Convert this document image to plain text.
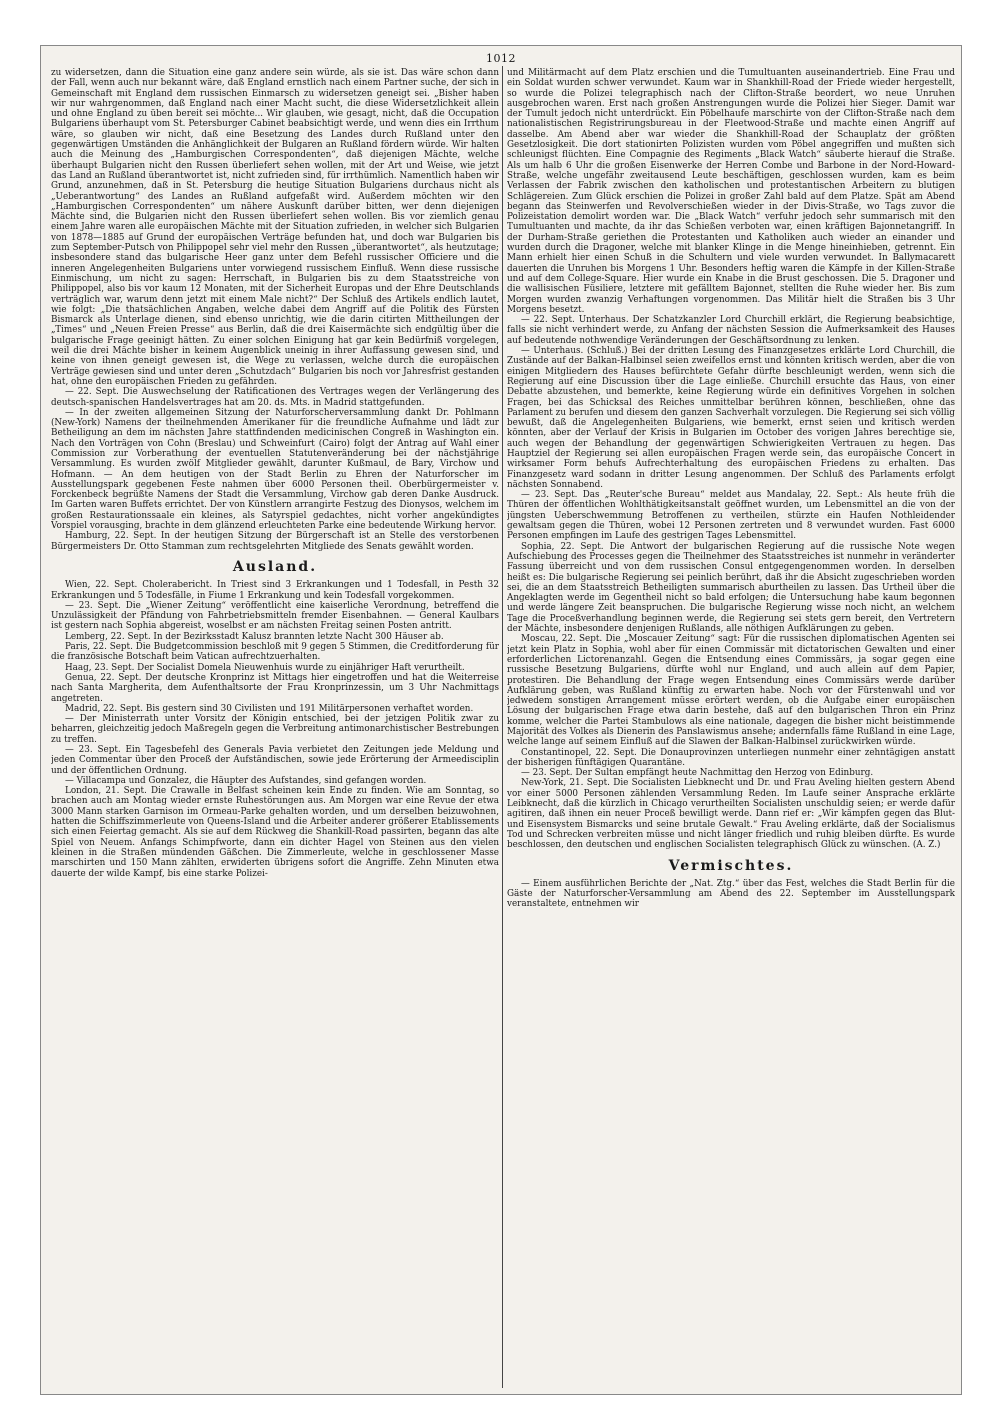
1012

zu widersetzen, dann die Situation eine ganz andere sein würde, als sie ist. Das wäre schon dann der Fall, wenn auch nur bekannt wäre, daß England ernstlich nach einem Partner suche, der sich in Gemeinschaft mit England dem russischen Einmarsch zu widersetzen geneigt sei. „Bisher haben wir nur wahrgenommen, daß England nach einer Macht sucht, die diese Widersetzlichkeit allein und ohne England zu üben bereit sei möchte... Wir glauben, wie gesagt, nicht, daß die Occupation Bulgariens überhaupt vom St. Petersburger Cabinet beabsichtigt werde, und wenn dies ein Irrthum wäre, so glauben wir nicht, daß eine Besetzung des Landes durch Rußland unter den gegenwärtigen Umständen die Anhänglichkeit der Bulgaren an Rußland fördern würde. Wir halten auch die Meinung des „Hamburgischen Correspondenten“, daß diejenigen Mächte, welche überhaupt Bulgarien nicht den Russen überliefert sehen wollen, mit der Art und Weise, wie jetzt das Land an Rußland überantwortet ist, nicht zufrieden sind, für irrthümlich. Namentlich haben wir Grund, anzunehmen, daß in St. Petersburg die heutige Situation Bulgariens durchaus nicht als „Ueberantwortung“ des Landes an Rußland aufgefaßt wird. Außerdem möchten wir den „Hamburgischen Correspondenten“ um nähere Auskunft darüber bitten, wer denn diejenigen Mächte sind, die Bulgarien nicht den Russen überliefert sehen wollen. Bis vor ziemlich genau einem Jahre waren alle europäischen Mächte mit der Situation zufrieden, in welcher sich Bulgarien von 1878—1885 auf Grund der europäischen Verträge befunden hat, und doch war Bulgarien bis zum September-Putsch von Philippopel sehr viel mehr den Russen „überantwortet“, als heutzutage; insbesondere stand das bulgarische Heer ganz unter dem Befehl russischer Officiere und die inneren Angelegenheiten Bulgariens unter vorwiegend russischem Einfluß. Wenn diese russische Einmischung, um nicht zu sagen: Herrschaft, in Bulgarien bis zu dem Staatsstreiche von Philippopel, also bis vor kaum 12 Monaten, mit der Sicherheit Europas und der Ehre Deutschlands verträglich war, warum denn jetzt mit einem Male nicht?“ Der Schluß des Artikels endlich lautet, wie folgt: „Die thatsächlichen Angaben, welche dabei dem Angriff auf die Politik des Fürsten Bismarck als Unterlage dienen, sind ebenso unrichtig, wie die darin citirten Mittheilungen der „Times“ und „Neuen Freien Presse“ aus Berlin, daß die drei Kaisermächte sich endgültig über die bulgarische Frage geeinigt hätten. Zu einer solchen Einigung hat gar kein Bedürfniß vorgelegen, weil die drei Mächte bisher in keinem Augenblick uneinig in ihrer Auffassung gewesen sind, und keine von ihnen geneigt gewesen ist, die Wege zu verlassen, welche durch die europäischen Verträge gewiesen sind und unter deren „Schutzdach“ Bulgarien bis noch vor Jahresfrist gestanden hat, ohne den europäischen Frieden zu gefährden.

— 22. Sept. Die Auswechselung der Ratificationen des Vertrages wegen der Verlängerung des deutsch-spanischen Handelsvertrages hat am 20. ds. Mts. in Madrid stattgefunden.

— In der zweiten allgemeinen Sitzung der Naturforscherversammlung dankt Dr. Pohlmann (New-York) Namens der theilnehmenden Amerikaner für die freundliche Aufnahme und lädt zur Betheiligung an dem im nächsten Jahre stattfindenden medicinischen Congreß in Washington ein. Nach den Vorträgen von Cohn (Breslau) und Schweinfurt (Cairo) folgt der Antrag auf Wahl einer Commission zur Vorberathung der eventuellen Statutenveränderung bei der nächstjährige Versammlung. Es wurden zwölf Mitglieder gewählt, darunter Kußmaul, de Bary, Virchow und Hofmann. — An dem heutigen von der Stadt Berlin zu Ehren der Naturforscher im Ausstellungspark gegebenen Feste nahmen über 6000 Personen theil. Oberbürgermeister v. Forckenbeck begrüßte Namens der Stadt die Versammlung, Virchow gab deren Danke Ausdruck. Im Garten waren Buffets errichtet. Der von Künstlern arrangirte Festzug des Dionysos, welchem im großen Restaurationssaale ein kleines, als Satyrspiel gedachtes, nicht vorher angekündigtes Vorspiel vorausging, brachte in dem glänzend erleuchteten Parke eine bedeutende Wirkung hervor.

Hamburg, 22. Sept. In der heutigen Sitzung der Bürgerschaft ist an Stelle des verstorbenen Bürgermeisters Dr. Otto Stamman zum rechtsgelehrten Mitgliede des Senats gewählt worden.

Ausland.

Wien, 22. Sept. Cholerabericht. In Triest sind 3 Erkrankungen und 1 Todesfall, in Pesth 32 Erkrankungen und 5 Todesfälle, in Fiume 1 Erkrankung und kein Todesfall vorgekommen.

— 23. Sept. Die „Wiener Zeitung“ veröffentlicht eine kaiserliche Verordnung, betreffend die Unzulässigkeit der Pfändung von Fahrbetriebsmitteln fremder Eisenbahnen. — General Kaulbars ist gestern nach Sophia abgereist, woselbst er am nächsten Freitag seinen Posten antritt.

Lemberg, 22. Sept. In der Bezirksstadt Kalusz brannten letzte Nacht 300 Häuser ab.

Paris, 22. Sept. Die Budgetcommission beschloß mit 9 gegen 5 Stimmen, die Creditforderung für die französische Botschaft beim Vatican aufrechtzuerhalten.

Haag, 23. Sept. Der Socialist Domela Nieuwenhuis wurde zu einjähriger Haft verurtheilt.

Genua, 22. Sept. Der deutsche Kronprinz ist Mittags hier eingetroffen und hat die Weiterreise nach Santa Margherita, dem Aufenthaltsorte der Frau Kronprinzessin, um 3 Uhr Nachmittags angetreten.

Madrid, 22. Sept. Bis gestern sind 30 Civilisten und 191 Militärpersonen verhaftet worden.

— Der Ministerrath unter Vorsitz der Königin entschied, bei der jetzigen Politik zwar zu beharren, gleichzeitig jedoch Maßregeln gegen die Verbreitung antimonarchistischer Bestrebungen zu treffen.

— 23. Sept. Ein Tagesbefehl des Generals Pavia verbietet den Zeitungen jede Meldung und jeden Commentar über den Proceß der Aufständischen, sowie jede Erörterung der Armeedisciplin und der öffentlichen Ordnung.

— Villacampa und Gonzalez, die Häupter des Aufstandes, sind gefangen worden.

London, 21. Sept. Die Crawalle in Belfast scheinen kein Ende zu finden. Wie am Sonntag, so brachen auch am Montag wieder ernste Ruhestörungen aus. Am Morgen war eine Revue der etwa 3000 Mann starken Garnison im Ormeau-Parke gehalten worden, und um derselben beizuwohnen, hatten die Schiffszimmerleute von Queens-Island und die Arbeiter anderer größerer Etablissements sich einen Feiertag gemacht. Als sie auf dem Rückweg die Shankill-Road passirten, begann das alte Spiel von Neuem. Anfangs Schimpfworte, dann ein dichter Hagel von Steinen aus den vielen kleinen in die Straßen mündenden Gäßchen. Die Zimmerleute, welche in geschlossener Masse marschirten und 150 Mann zählten, erwiderten übrigens sofort die Angriffe. Zehn Minuten etwa dauerte der wilde Kampf, bis eine starke Polizei-

und Militärmacht auf dem Platz erschien und die Tumultuanten auseinandertrieb. Eine Frau und ein Soldat wurden schwer verwundet. Kaum war in Shankhill-Road der Friede wieder hergestellt, so wurde die Polizei telegraphisch nach der Clifton-Straße beordert, wo neue Unruhen ausgebrochen waren. Erst nach großen Anstrengungen wurde die Polizei hier Sieger. Damit war der Tumult jedoch nicht unterdrückt. Ein Pöbelhaufe marschirte von der Clifton-Straße nach dem nationalistischen Registrirungsbureau in der Fleetwood-Straße und machte einen Angriff auf dasselbe. Am Abend aber war wieder die Shankhill-Road der Schauplatz der größten Gesetzlosigkeit. Die dort stationirten Polizisten wurden vom Pöbel angegriffen und mußten sich schleunigst flüchten. Eine Compagnie des Regiments „Black Watch“ säuberte hierauf die Straße. Als um halb 6 Uhr die großen Eisenwerke der Herren Combe und Barbone in der Nord-Howard-Straße, welche ungefähr zweitausend Leute beschäftigen, geschlossen wurden, kam es beim Verlassen der Fabrik zwischen den katholischen und protestantischen Arbeitern zu blutigen Schlägereien. Zum Glück erschien die Polizei in großer Zahl bald auf dem Platze. Spät am Abend begann das Steinwerfen und Revolverschießen wieder in der Divis-Straße, wo Tags zuvor die Polizeistation demolirt worden war. Die „Black Watch“ verfuhr jedoch sehr summarisch mit den Tumultuanten und machte, da ihr das Schießen verboten war, einen kräftigen Bajonnetangriff. In der Durham-Straße geriethen die Protestanten und Katholiken auch wieder an einander und wurden durch die Dragoner, welche mit blanker Klinge in die Menge hineinhieben, getrennt. Ein Mann erhielt hier einen Schuß in die Schultern und viele wurden verwundet. In Ballymacarett dauerten die Unruhen bis Morgens 1 Uhr. Besonders heftig waren die Kämpfe in der Killen-Straße und auf dem College-Square. Hier wurde ein Knabe in die Brust geschossen. Die 5. Dragoner und die wallisischen Füsiliere, letztere mit gefälltem Bajonnet, stellten die Ruhe wieder her. Bis zum Morgen wurden zwanzig Verhaftungen vorgenommen. Das Militär hielt die Straßen bis 3 Uhr Morgens besetzt.

— 22. Sept. Unterhaus. Der Schatzkanzler Lord Churchill erklärt, die Regierung beabsichtige, falls sie nicht verhindert werde, zu Anfang der nächsten Session die Aufmerksamkeit des Hauses auf bedeutende nothwendige Veränderungen der Geschäftsordnung zu lenken.

— Unterhaus. (Schluß.) Bei der dritten Lesung des Finanzgesetzes erklärte Lord Churchill, die Zustände auf der Balkan-Halbinsel seien zweifellos ernst und könnten kritisch werden, aber die von einigen Mitgliedern des Hauses befürchtete Gefahr dürfte beschleunigt werden, wenn sich die Regierung auf eine Discussion über die Lage einließe. Churchill ersuchte das Haus, von einer Debatte abzustehen, und bemerkte, keine Regierung würde ein definitives Vorgehen in solchen Fragen, bei das Schicksal des Reiches unmittelbar berühren können, beschließen, ohne das Parlament zu berufen und diesem den ganzen Sachverhalt vorzulegen. Die Regierung sei sich völlig bewußt, daß die Angelegenheiten Bulgariens, wie bemerkt, ernst seien und kritisch werden könnten, aber der Verlauf der Krisis in Bulgarien im October des vorigen Jahres berechtige sie, auch wegen der Behandlung der gegenwärtigen Schwierigkeiten Vertrauen zu hegen. Das Hauptziel der Regierung sei allen europäischen Fragen werde sein, das europäische Concert in wirksamer Form behufs Aufrechterhaltung des europäischen Friedens zu erhalten. Das Finanzgesetz ward sodann in dritter Lesung angenommen. Der Schluß des Parlaments erfolgt nächsten Sonnabend.

— 23. Sept. Das „Reuter'sche Bureau“ meldet aus Mandalay, 22. Sept.: Als heute früh die Thüren der öffentlichen Wohlthätigkeitsanstalt geöffnet wurden, um Lebensmittel an die von der jüngsten Ueberschwemmung Betroffenen zu vertheilen, stürzte ein Haufen Nothleidender gewaltsam gegen die Thüren, wobei 12 Personen zertreten und 8 verwundet wurden. Fast 6000 Personen empfingen im Laufe des gestrigen Tages Lebensmittel.

Sophia, 22. Sept. Die Antwort der bulgarischen Regierung auf die russische Note wegen Aufschiebung des Processes gegen die Theilnehmer des Staatsstreiches ist nunmehr in veränderter Fassung überreicht und von dem russischen Consul entgegengenommen worden. In derselben heißt es: Die bulgarische Regierung sei peinlich berührt, daß ihr die Absicht zugeschrieben worden sei, die an dem Staatsstreich Betheiligten summarisch aburtheilen zu lassen. Das Urtheil über die Angeklagten werde im Gegentheil nicht so bald erfolgen; die Untersuchung habe kaum begonnen und werde längere Zeit beanspruchen. Die bulgarische Regierung wisse noch nicht, an welchem Tage die Proceßverhandlung beginnen werde, die Regierung sei stets gern bereit, den Vertretern der Mächte, insbesondere denjenigen Rußlands, alle nöthigen Aufklärungen zu geben.

Moscau, 22. Sept. Die „Moscauer Zeitung“ sagt: Für die russischen diplomatischen Agenten sei jetzt kein Platz in Sophia, wohl aber für einen Commissär mit dictatorischen Gewalten und einer erforderlichen Lictorenanzahl. Gegen die Entsendung eines Commissärs, ja sogar gegen eine russische Besetzung Bulgariens, dürfte wohl nur England, und auch allein auf dem Papier, protestiren. Die Behandlung der Frage wegen Entsendung eines Commissärs werde darüber Aufklärung geben, was Rußland künftig zu erwarten habe. Noch vor der Fürstenwahl und vor jedwedem sonstigen Arrangement müsse erörtert werden, ob die Aufgabe einer europäischen Lösung der bulgarischen Frage etwa darin bestehe, daß auf den bulgarischen Thron ein Prinz komme, welcher die Partei Stambulows als eine nationale, dagegen die bisher nicht beistimmende Majorität des Volkes als Dienerin des Panslawismus ansehe; andernfalls fäme Rußland in eine Lage, welche lange auf seinem Einfluß auf die Slawen der Balkan-Halbinsel zurückwirken würde.

Constantinopel, 22. Sept. Die Donauprovinzen unterliegen nunmehr einer zehntägigen anstatt der bisherigen fünftägigen Quarantäne.

— 23. Sept. Der Sultan empfängt heute Nachmittag den Herzog von Edinburg.

New-York, 21. Sept. Die Socialisten Liebknecht und Dr. und Frau Aveling hielten gestern Abend vor einer 5000 Personen zählenden Versammlung Reden. Im Laufe seiner Ansprache erklärte Leibknecht, daß die kürzlich in Chicago verurtheilten Socialisten unschuldig seien; er werde dafür agitiren, daß ihnen ein neuer Proceß bewilligt werde. Dann rief er: „Wir kämpfen gegen das Blut- und Eisensystem Bismarcks und seine brutale Gewalt.“ Frau Aveling erklärte, daß der Socialismus Tod und Schrecken verbreiten müsse und nicht länger friedlich und ruhig bleiben dürfte. Es wurde beschlossen, den deutschen und englischen Socialisten telegraphisch Glück zu wünschen. (A. Z.)

Vermischtes.

— Einem ausführlichen Berichte der „Nat. Ztg.“ über das Fest, welches die Stadt Berlin für die Gäste der Naturforscher-Versammlung am Abend des 22. September im Ausstellungspark veranstaltete, entnehmen wir
